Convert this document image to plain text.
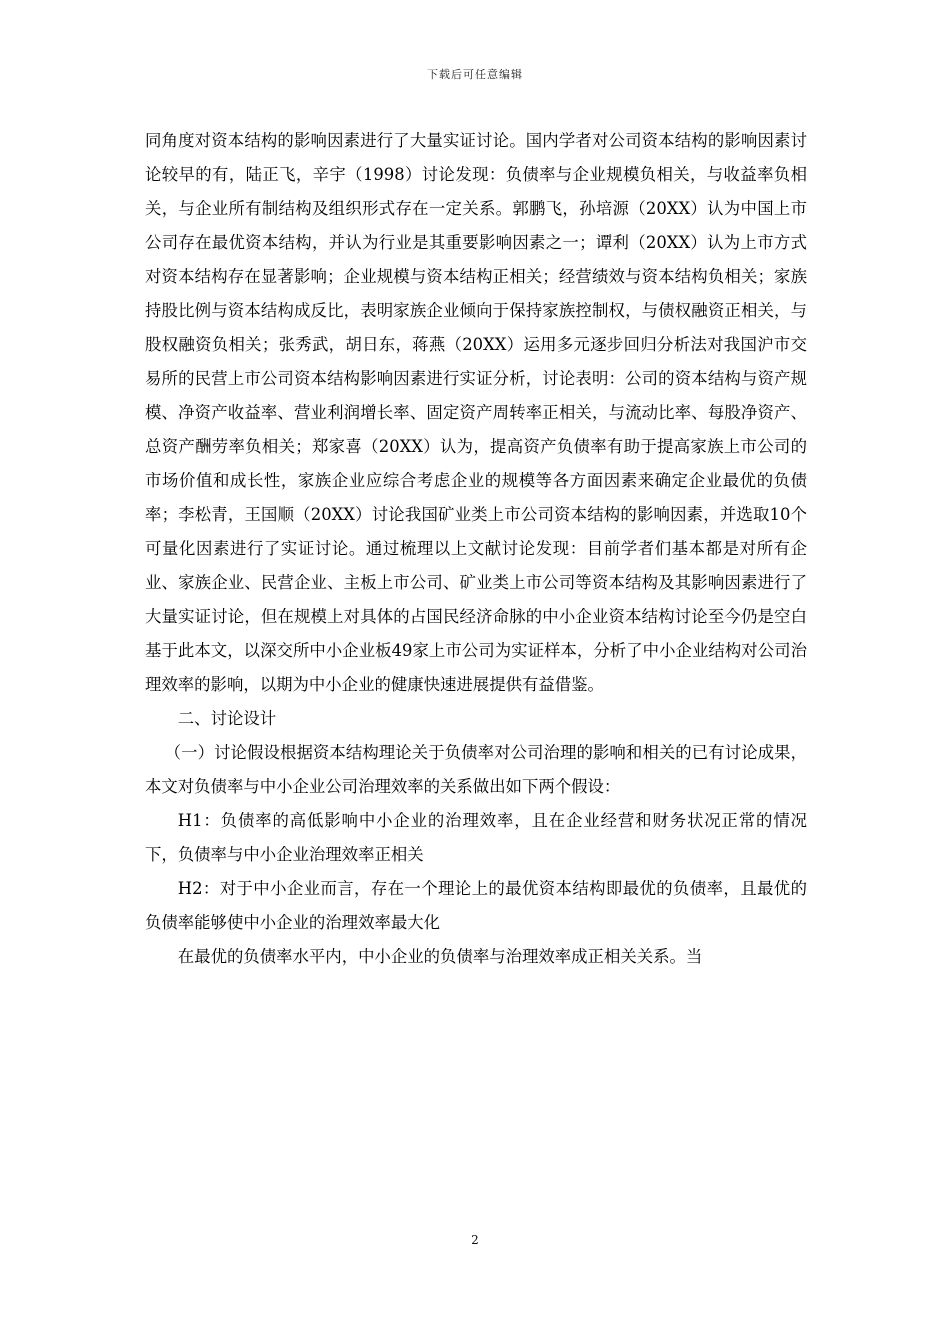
下载后可任意编辑

同角度对资本结构的影响因素进行了大量实证讨论。国内学者对公司资本结构的影响因素讨论较早的有，陆正飞，辛宇（1998）讨论发现：负债率与企业规模负相关，与收益率负相关，与企业所有制结构及组织形式存在一定关系。郭鹏飞，孙培源（20XX）认为中国上市公司存在最优资本结构，并认为行业是其重要影响因素之一；谭利（20XX）认为上市方式对资本结构存在显著影响；企业规模与资本结构正相关；经营绩效与资本结构负相关；家族持股比例与资本结构成反比，表明家族企业倾向于保持家族控制权，与债权融资正相关，与股权融资负相关；张秀武，胡日东，蒋燕（20XX）运用多元逐步回归分析法对我国沪市交易所的民营上市公司资本结构影响因素进行实证分析，讨论表明：公司的资本结构与资产规模、净资产收益率、营业利润增长率、固定资产周转率正相关，与流动比率、每股净资产、总资产酬劳率负相关；郑家喜（20XX）认为，提高资产负债率有助于提高家族上市公司的市场价值和成长性，家族企业应综合考虑企业的规模等各方面因素来确定企业最优的负债率；李松青，王国顺（20XX）讨论我国矿业类上市公司资本结构的影响因素，并选取10个可量化因素进行了实证讨论。通过梳理以上文献讨论发现：目前学者们基本都是对所有企业、家族企业、民营企业、主板上市公司、矿业类上市公司等资本结构及其影响因素进行了大量实证讨论，但在规模上对具体的占国民经济命脉的中小企业资本结构讨论至今仍是空白基于此本文，以深交所中小企业板49家上市公司为实证样本，分析了中小企业结构对公司治理效率的影响，以期为中小企业的健康快速进展提供有益借鉴。

二、讨论设计

（一）讨论假设根据资本结构理论关于负债率对公司治理的影响和相关的已有讨论成果，本文对负债率与中小企业公司治理效率的关系做出如下两个假设：

H1：负债率的高低影响中小企业的治理效率，且在企业经营和财务状况正常的情况下，负债率与中小企业治理效率正相关

H2：对于中小企业而言，存在一个理论上的最优资本结构即最优的负债率，且最优的负债率能够使中小企业的治理效率最大化

在最优的负债率水平内，中小企业的负债率与治理效率成正相关关系。当

2
